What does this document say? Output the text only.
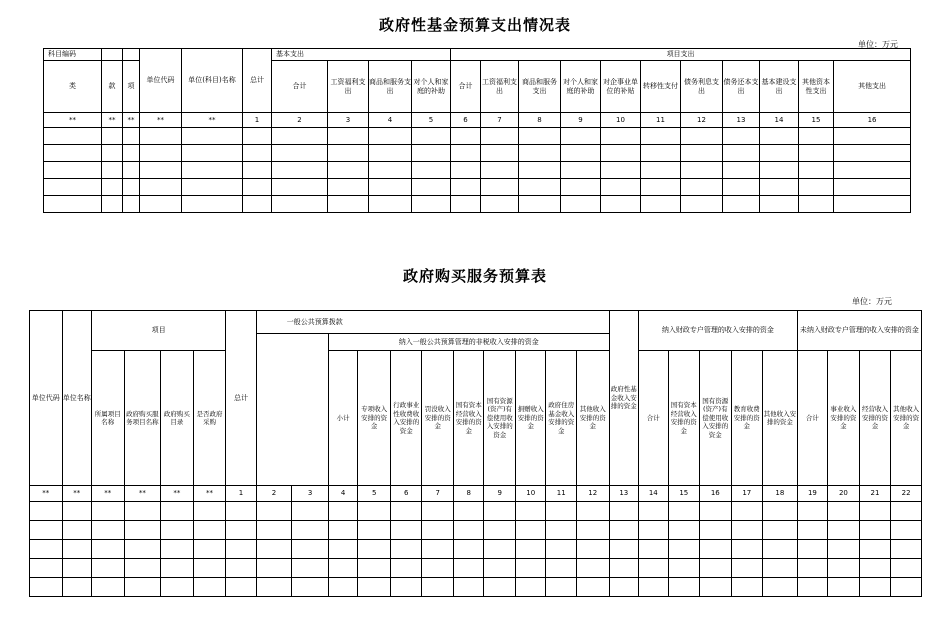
政府性基金预算支出情况表
单位：万元
科目编码			单位代码	单位(科目)名称	总计	基本支出				项目支出										
类	款	项				合计	工资福利支出	商品和服务支出	对个人和家庭的补助	合计	工资福利支出	商品和服务支出	对个人和家庭的补助	对企事业单位的补贴	转移性支付	债务利息支出	债务还本支出	基本建设支出	其他资本性支出	其他支出
**	**	**	**	**	1	2	3	4	5	6	7	8	9	10	11	12	13	14	15	16

政府购买服务预算表
单位：万元
单位代码	单位名称	项目				总计	一般公共预算拨款											政府性基金收入安排的资金	纳入财政专户管理的收入安排的资金					未纳入财政专户管理的收入安排的资金			
									纳入一般公共预算管理的非税收入安排的资金																		
		所属项目名称	政府购买服务项目名称	政府购买目录	是否政府采购				小计	专项收入安排的资金	行政事业性收费收入安排的资金	罚没收入安排的资金	国有资本经营收入安排的资金	国有资源(资产)有偿使用收入安排的资金	捐赠收入安排的资金	政府住房基金收入安排的资金	其他收入安排的资金		合计	国有资本经营收入安排的资金	国有资源(资产)有偿使用收入安排的资金	教育收费安排的资金	其他收入安排的资金	合计	事业收入安排的资金	经营收入安排的资金	其他收入安排的资金

**	**	**	**	**	**	1	2	3	4	5	6	7	8	9	10	11	12	13	14	15	16	17	18	19	20	21	22
